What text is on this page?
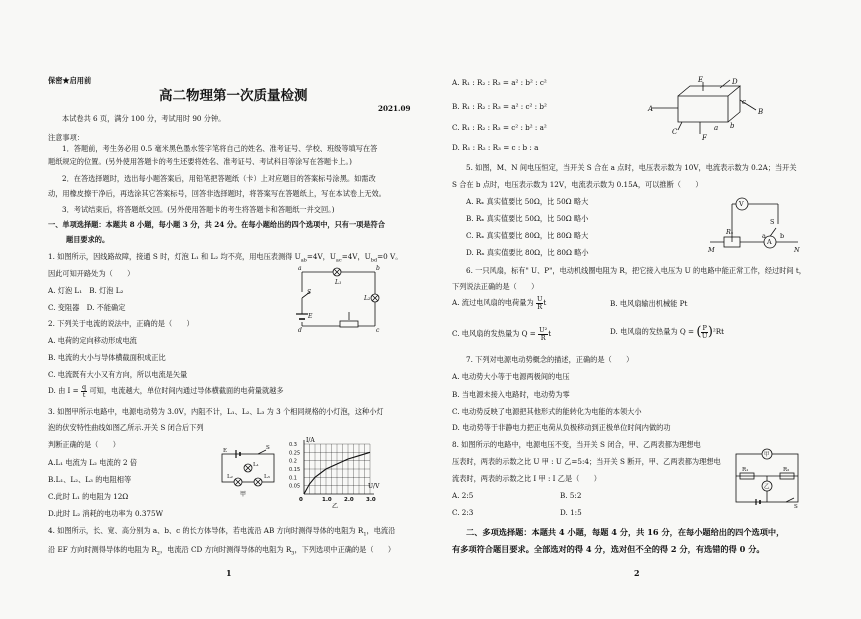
保密★启用前
高二物理第一次质量检测
2021.09
本试卷共 6 页，满分 100 分，考试用时 90 分钟。
注意事项：
1．答题前，考生务必用 0.5 毫米黑色墨水签字笔将自己的姓名、准考证号、学校、班级等填写在答
题纸规定的位置。(另外使用答题卡的考生还要将姓名、准考证号、考试科目等涂写在答题卡上。)
2．在答选择题时，选出每小题答案后，用铅笔把答题纸（卡）上对应题目的答案标号涂黑。如需改
动，用橡皮擦干净后，再选涂其它答案标号，回答非选择题时，将答案写在答题纸上，写在本试卷上无效。
3．考试结束后，将答题纸交回。(另外使用答题卡的考生将答题卡和答题纸一并交回。)
一、单项选择题：本题共 8 小题，每小题 3 分，共 24 分。在每小题给出的四个选项中，只有一项是符合
题目要求的。
1. 如图所示，因线路故障，接通 S 时，灯泡 L₁ 和 L₂ 均不亮，用电压表测得 $U_{ab}=4V$，$U_{ac}=4V$，$U_{bd}=0$ V。
因此可知开路处为（　　）
A. 灯泡 L₁　B. 灯泡 L₂
C. 变阻器　D. 不能确定
a	b
c
d
S
E
L₁
L₂
2. 下列关于电流的说法中，正确的是（　　）
A. 电荷的定向移动形成电流
B. 电流的大小与导体横截面积成正比
C. 电流既有大小又有方向，所以电流是矢量
D. 由 $I = \frac{q}{t}$ 可知，电流越大，单位时间内通过导体横截面的电荷量就越多
3. 如图甲所示电路中，电源电动势为 3.0V，内阻不计，L₁、L₂、L₃ 为 3 个相同规格的小灯泡，这种小灯
泡的伏安特性曲线如图乙所示.开关 S 闭合后下列
判断正确的是（　　）
A.L₁ 电流为 L₂ 电流的 2 倍
B.L₁、L₂、L₃ 的电阻相等
C.此时 L₁ 的电阻为 12Ω
D.此时 L₂ 消耗的电功率为 0.375W
E
L₁
S
L₂	L₃
甲
0.3
0.25
0.2
0.15
0.1
0.05
0	1.0 2.0 3.0
I/A
U/V
乙
4. 如图所示，长、宽、高分别为 a、b、c 的长方体导体，若电流沿 AB 方向时测得导体的电阻为 $R_1$，电流沿
沿 EF 方向时测得导体的电阻为 $R_2$，电流沿 CD 方向时测得导体的电阻为 $R_3$，下列选项中正确的是（　　）
1
A. R₁ : R₂ : R₃ = a² : b² : c²
B. R₁ : R₂ : R₃ = a² : c² : b²
C. R₁ : R₂ : R₃ = c² : b² : a²
D. R₁ : R₂ : R₃ = c : b : a
A	B
C
D
E
F
a b
c
5. 如图，M、N 间电压恒定，当开关 S 合在 a 点时，电压表示数为 10V，电流表示数为 0.2A；当开关
S 合在 b 点时，电压表示数为 12V，电流表示数为 0.15A，可以推断（　　）
A. Rₓ 真实值要比 50Ω，比 50Ω 略大
B. Rₓ 真实值要比 50Ω，比 50Ω 略小
C. Rₓ 真实值要比 80Ω，比 80Ω 略大
D. Rₓ 真实值要比 80Ω，比 80Ω 略小
V
A
Rₓ
M	N
S
a b
6. 一只风扇，标有" U、P"，电动机线圈电阻为 R，把它接入电压为 U 的电路中能正常工作，经过时间 t，
下列说法正确的是（　　）
A. 流过电风扇的电荷量为 $\frac{U}{R}$ t	B. 电风扇输出机械能 Pt
C. 电风扇的发热量为 $Q = \frac{\text{U²}}{R}$ t	D. 电风扇的发热量为 Q = ( $\frac{P}{U} )^2Rt$
7. 下列对电源电动势概念的描述，正确的是（　　）
A. 电动势大小等于电源两极间的电压
B. 当电源未接入电路时，电动势为零
C. 电动势反映了电源把其他形式的能转化为电能的本领大小
D. 电动势等于非静电力把正电荷从负极移动到正极单位时间内做的功
8. 如图所示的电路中，电源电压不变，当开关 S 闭合，甲、乙两表都为理想电
压表时，两表的示数之比 U 甲 : U 乙=5:4；当开关 S 断开，甲、乙两表都为理想电
流表时，两表的示数之比 I 甲 : I 乙是（　　）
A. 2:5	B. 5:2
C. 2:3	D. 1:5
甲
乙
R₁	R₂
S
二、多项选择题：本题共 4 小题，每题 4 分，共 16 分，在每小题给出的四个选项中，
有多项符合题目要求。全部选对的得 4 分，选对但不全的得 2 分，有选错的得 0 分。
2
